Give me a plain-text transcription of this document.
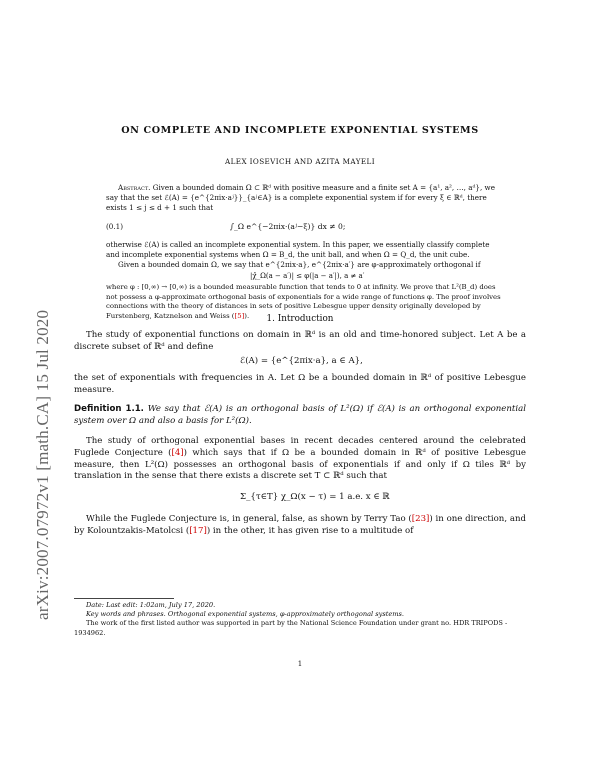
arXiv:2007.07972v1 [math.CA] 15 Jul 2020
ON COMPLETE AND INCOMPLETE EXPONENTIAL SYSTEMS
ALEX IOSEVICH AND AZITA MAYELI

Abstract. Given a bounded domain Ω ⊂ ℝᵈ with positive measure and a finite set A = {a¹, a², …, aᵈ}, we say that the set ℰ(A) = {e^{2πix·aʲ}}_{aʲ∈A} is a complete exponential system if for every ξ ∈ ℝᵈ, there exists 1 ≤ j ≤ d + 1 such that

(0.1)	∫_Ω e^{−2πix·(aʲ−ξ)} dx ≠ 0;

otherwise ℰ(A) is called an incomplete exponential system. In this paper, we essentially classify complete and incomplete exponential systems when Ω = B_d, the unit ball, and when Ω = Q_d, the unit cube.

Given a bounded domain Ω, we say that e^{2πix·a}, e^{2πix·a′} are φ-approximately orthogonal if

|χ̂_Ω(a − a′)| ≤ φ(|a − a′|), a ≠ a′
1. Introduction

where φ : [0,∞) → [0,∞) is a bounded measurable function that tends to 0 at infinity. We prove that L²(B_d) does not possess a φ-approximate orthogonal basis of exponentials for a wide range of functions φ. The proof involves connections with the theory of distances in sets of positive Lebesgue upper density originally developed by Furstenberg, Katznelson and Weiss ([5]).

The study of exponential functions on domain in ℝᵈ is an old and time-honored subject. Let A be a discrete subset of ℝᵈ and define

ℰ(A) = {e^{2πix·a}, a ∈ A},

the set of exponentials with frequencies in A. Let Ω be a bounded domain in ℝᵈ of positive Lebesgue measure.

Definition 1.1. We say that ℰ(A) is an orthogonal basis of L²(Ω) if ℰ(A) is an orthogonal exponential system over Ω and also a basis for L²(Ω).

The study of orthogonal exponential bases in recent decades centered around the celebrated Fuglede Conjecture ([4]) which says that if Ω be a bounded domain in ℝᵈ of positive Lebesgue measure, then L²(Ω) possesses an orthogonal basis of exponentials if and only if Ω tiles ℝᵈ by translation in the sense that there exists a discrete set T ⊂ ℝᵈ such that

Σ_{τ∈T} χ_Ω(x − τ) = 1 a.e. x ∈ ℝ

While the Fuglede Conjecture is, in general, false, as shown by Terry Tao ([23]) in one direction, and by Kolountzakis-Matolcsi ([17]) in the other, it has given rise to a multitude of

Date: Last edit: 1:02am, July 17, 2020.

Key words and phrases. Orthogonal exponential systems, φ-approximately orthogonal systems.

The work of the first listed author was supported in part by the National Science Foundation under grant no. HDR TRIPODS - 1934962.

1
